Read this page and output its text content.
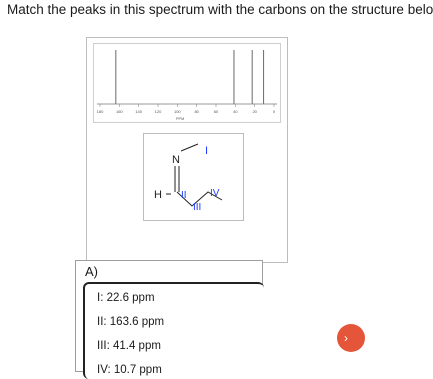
Match the peaks in this spectrum with the carbons on the structure belo
180	160	140	120	100	80	60	40	20	0
PPM
I
N
H II
III
IV
A)
I: 22.6 ppm
II: 163.6 ppm
III: 41.4 ppm
IV: 10.7 ppm
›
